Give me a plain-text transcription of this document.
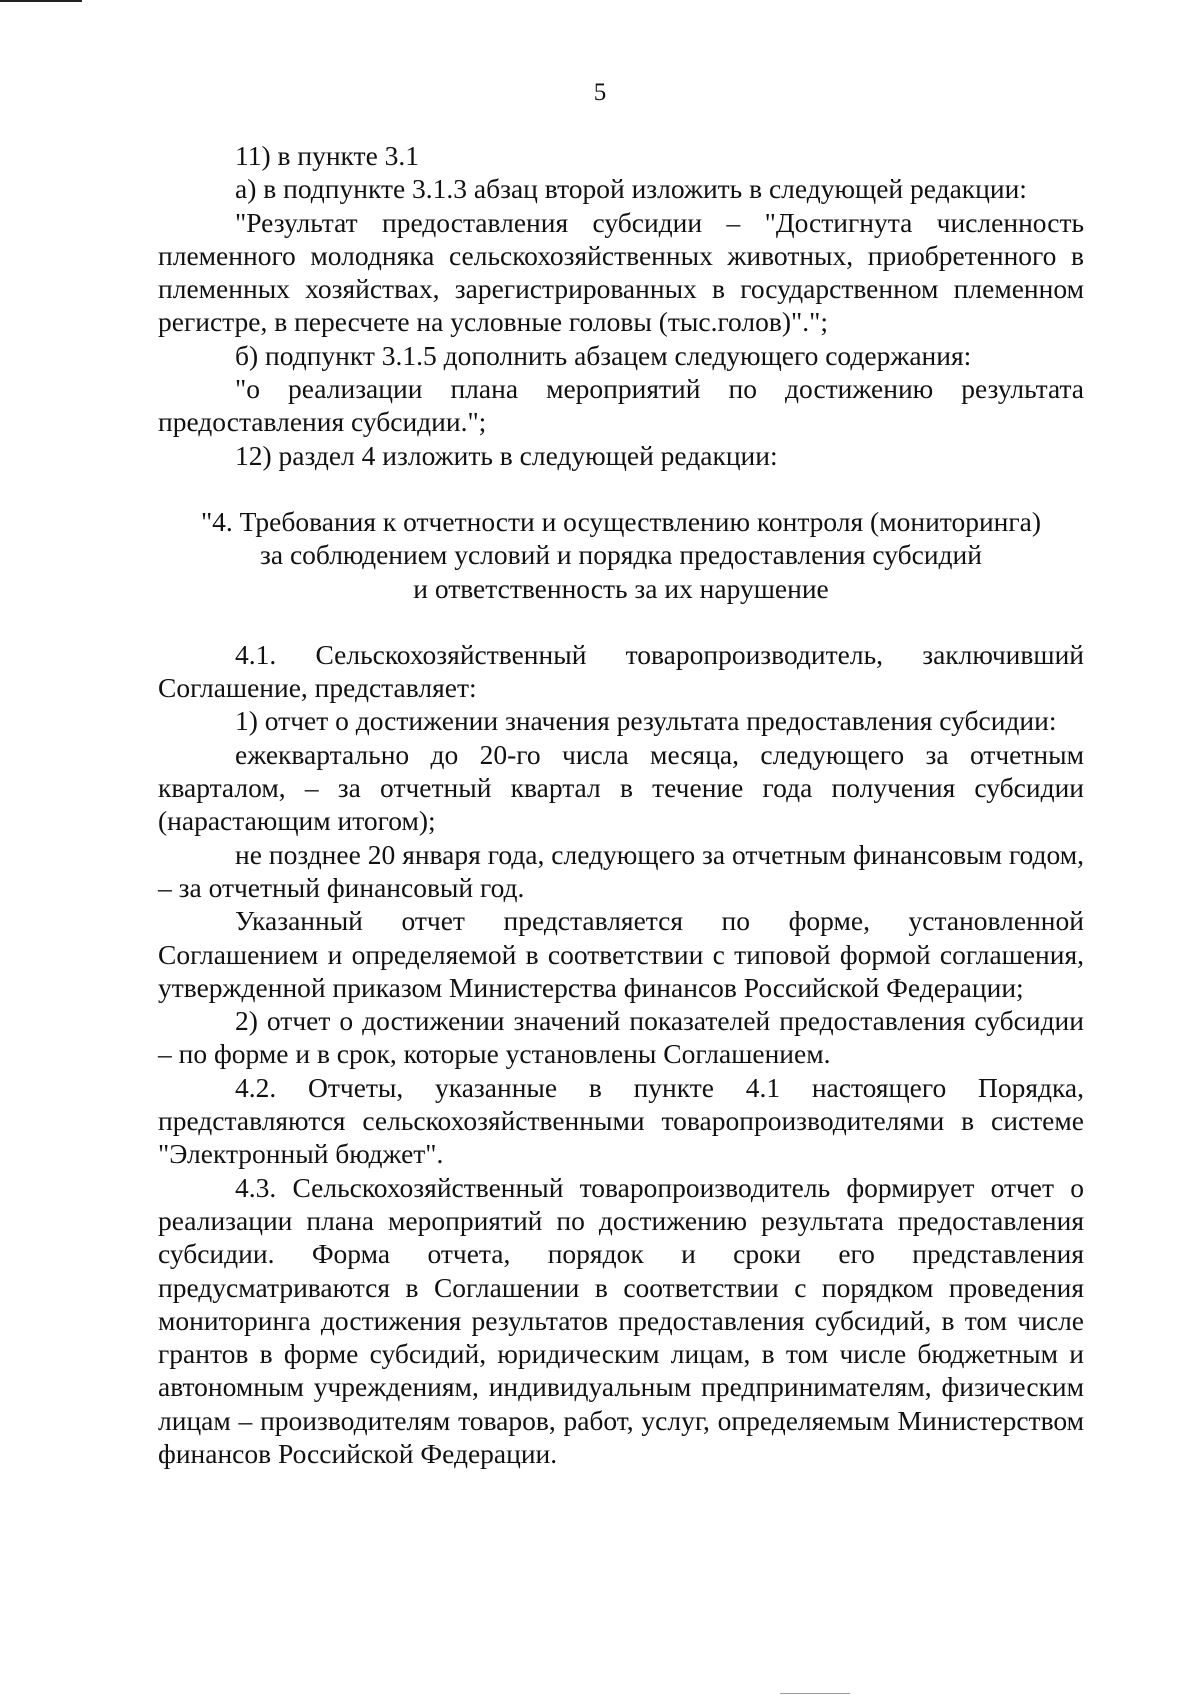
5

11) в пункте 3.1

а) в подпункте 3.1.3 абзац второй изложить в следующей редакции:

"Результат предоставления субсидии – "Достигнута численность племенного молодняка сельскохозяйственных животных, приобретенного в племенных хозяйствах, зарегистрированных в государственном племенном регистре, в пересчете на условные головы (тыс.голов)".";

б) подпункт 3.1.5 дополнить абзацем следующего содержания:

"о реализации плана мероприятий по достижению результата предоставления субсидии.";

12) раздел 4 изложить в следующей редакции:

"4. Требования к отчетности и осуществлению контроля (мониторинга)
за соблюдением условий и порядка предоставления субсидий
и ответственность за их нарушение

4.1. Сельскохозяйственный товаропроизводитель, заключивший Соглашение, представляет:

1) отчет о достижении значения результата предоставления субсидии:

ежеквартально до 20-го числа месяца, следующего за отчетным кварталом, – за отчетный квартал в течение года получения субсидии (нарастающим итогом);

не позднее 20 января года, следующего за отчетным финансовым годом, – за отчетный финансовый год.

Указанный отчет представляется по форме, установленной Соглашением и определяемой в соответствии с типовой формой соглашения, утвержденной приказом Министерства финансов Российской Федерации;

2) отчет о достижении значений показателей предоставления субсидии – по форме и в срок, которые установлены Соглашением.

4.2. Отчеты, указанные в пункте 4.1 настоящего Порядка, представляются сельскохозяйственными товаропроизводителями в системе "Электронный бюджет".

4.3. Сельскохозяйственный товаропроизводитель формирует отчет о реализации плана мероприятий по достижению результата предоставления субсидии. Форма отчета, порядок и сроки его представления предусматриваются в Соглашении в соответствии с порядком проведения мониторинга достижения результатов предоставления субсидий, в том числе грантов в форме субсидий, юридическим лицам, в том числе бюджетным и автономным учреждениям, индивидуальным предпринимателям, физическим лицам – производителям товаров, работ, услуг, определяемым Министерством финансов Российской Федерации.
